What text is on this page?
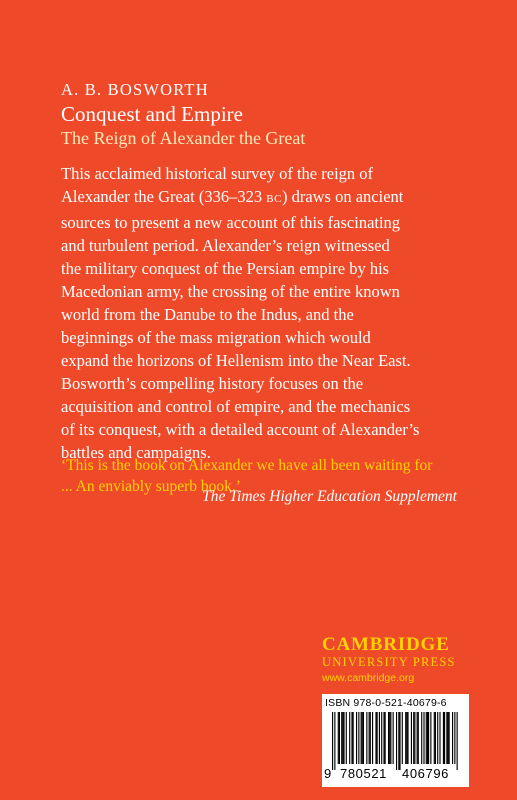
A. B. BOSWORTH
Conquest and Empire
The Reign of Alexander the Great
This acclaimed historical survey of the reign of
Alexander the Great (336–323 BC) draws on ancient
sources to present a new account of this fascinating
and turbulent period. Alexander’s reign witnessed
the military conquest of the Persian empire by his
Macedonian army, the crossing of the entire known
world from the Danube to the Indus, and the
beginnings of the mass migration which would
expand the horizons of Hellenism into the Near East.
Bosworth’s compelling history focuses on the
acquisition and control of empire, and the mechanics
of its conquest, with a detailed account of Alexander’s
battles and campaigns.
‘This is the book on Alexander we have all been waiting for
... An enviably superb book.’
The Times Higher Education Supplement
CAMBRIDGE
UNIVERSITY PRESS
www.cambridge.org
ISBN 978-0-521-40679-6
9 780521 406796
